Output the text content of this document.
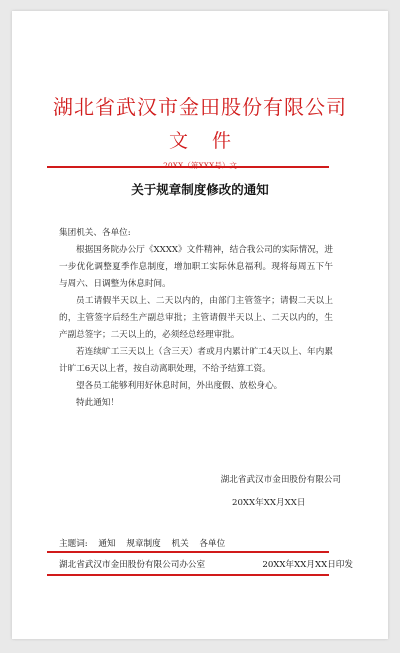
湖北省武汉市金田股份有限公司
文件
关于规章制度修改的通知

集团机关、各单位:

根据国务院办公厅《XXXX》文件精神，结合我公司的实际情况，进一步优化调整夏季作息制度，增加职工实际休息福利。现将每周五下午与周六、日调整为休息时间。

员工请假半天以上、二天以内的，由部门主管签字；请假二天以上的，主管签字后经生产副总审批；主管请假半天以上、二天以内的，生产副总签字；二天以上的，必须经总经理审批。

若连续旷工三天以上（含三天）者或月内累计旷工4天以上、年内累计旷工6天以上者，按自动离职处理，不给予结算工资。

望各员工能够利用好休息时间，外出度假、放松身心。

特此通知！

湖北省武汉市金田股份有限公司
20XX年XX月XX日
主题词: 通知 规章制度 机关 各单位
湖北省武汉市金田股份有限公司办公室	20XX年XX月XX日印发
